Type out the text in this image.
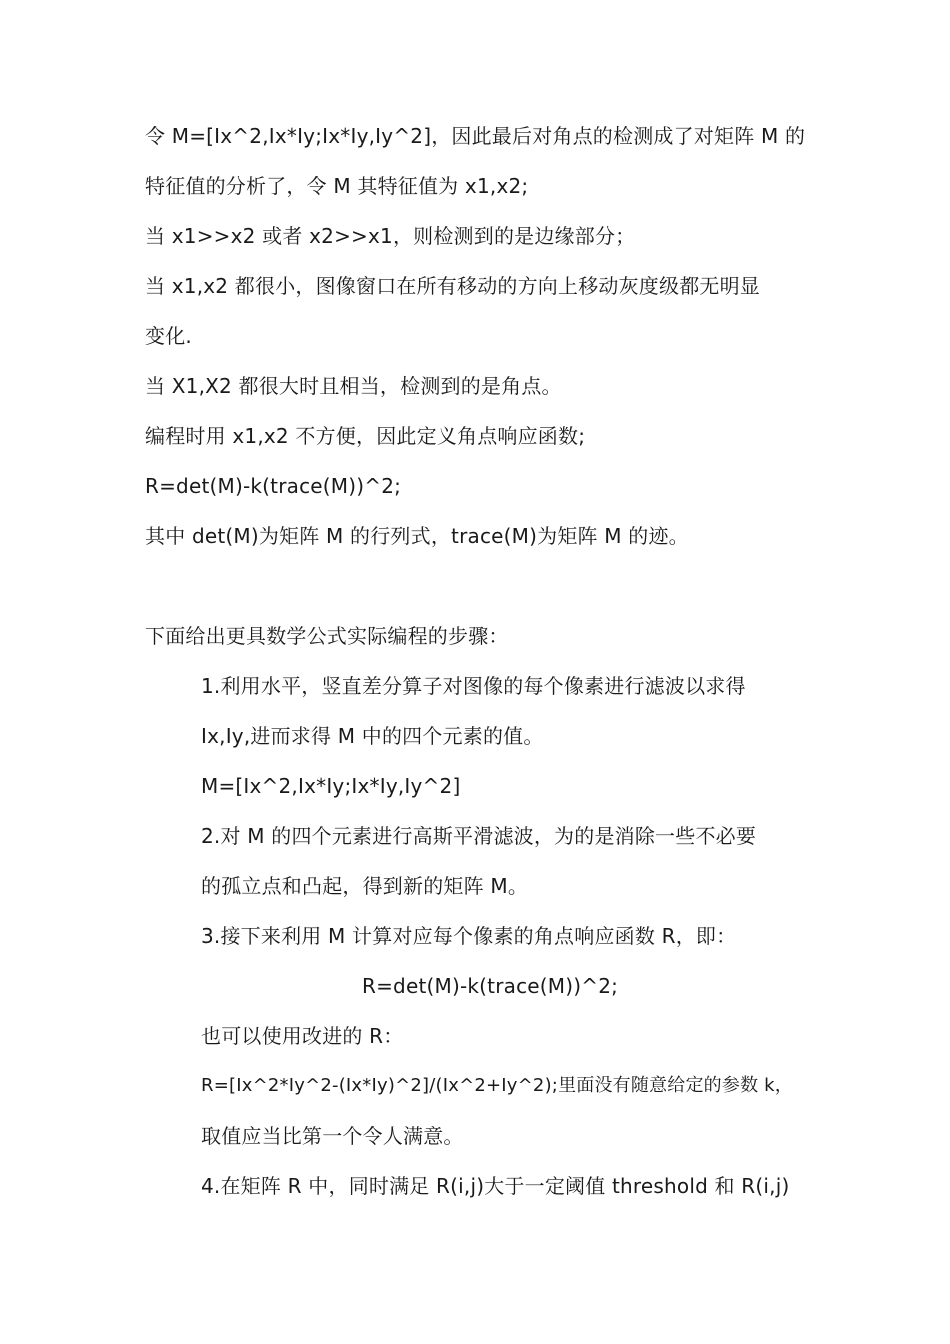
令 M=[Ix^2,Ix*Iy;Ix*Iy,Iy^2]，因此最后对角点的检测成了对矩阵 M 的
特征值的分析了，令 M 其特征值为 x1,x2;
当 x1>>x2 或者 x2>>x1，则检测到的是边缘部分；
当 x1,x2 都很小，图像窗口在所有移动的方向上移动灰度级都无明显
变化.
当 X1,X2 都很大时且相当，检测到的是角点。
编程时用 x1,x2 不方便，因此定义角点响应函数;
R=det(M)-k(trace(M))^2;
其中 det(M)为矩阵 M 的行列式，trace(M)为矩阵 M 的迹。
下面给出更具数学公式实际编程的步骤：
1.利用水平，竖直差分算子对图像的每个像素进行滤波以求得
Ix,Iy,进而求得 M 中的四个元素的值。
M=[Ix^2,Ix*Iy;Ix*Iy,Iy^2]
2.对 M 的四个元素进行高斯平滑滤波，为的是消除一些不必要
的孤立点和凸起，得到新的矩阵 M。
3.接下来利用 M 计算对应每个像素的角点响应函数 R，即：
R=det(M)-k(trace(M))^2;
也可以使用改进的 R：
R=[Ix^2*Iy^2-(Ix*Iy)^2]/(Ix^2+Iy^2);里面没有随意给定的参数 k，
取值应当比第一个令人满意。
4.在矩阵 R 中，同时满足 R(i,j)大于一定阈值 threshold 和 R(i,j)
